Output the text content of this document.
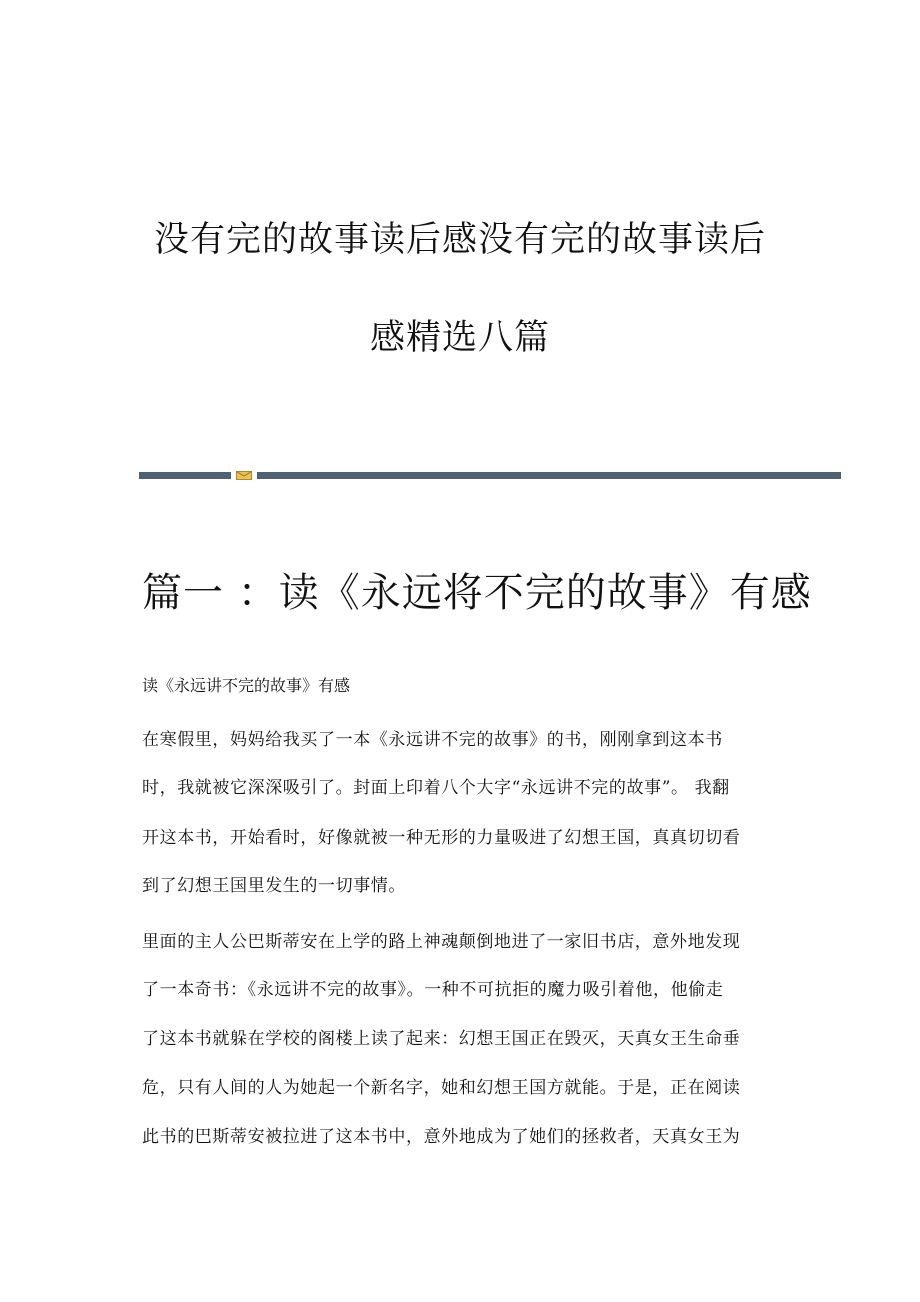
没有完的故事读后感没有完的故事读后
感精选八篇
篇一 ：读《永远将不完的故事》有感
读《永远讲不完的故事》有感
在寒假里，妈妈给我买了一本《永远讲不完的故事》的书，刚刚拿到这本书
时，我就被它深深吸引了。封面上印着八个大字“永远讲不完的故事”。 我翻
开这本书，开始看时，好像就被一种无形的力量吸进了幻想王国，真真切切看
到了幻想王国里发生的一切事情。
里面的主人公巴斯蒂安在上学的路上神魂颠倒地进了一家旧书店，意外地发现
了一本奇书：《永远讲不完的故事》。一种不可抗拒的魔力吸引着他，他偷走
了这本书就躲在学校的阁楼上读了起来：幻想王国正在毁灭，天真女王生命垂
危，只有人间的人为她起一个新名字，她和幻想王国方就能。于是，正在阅读
此书的巴斯蒂安被拉进了这本书中，意外地成为了她们的拯救者，天真女王为
